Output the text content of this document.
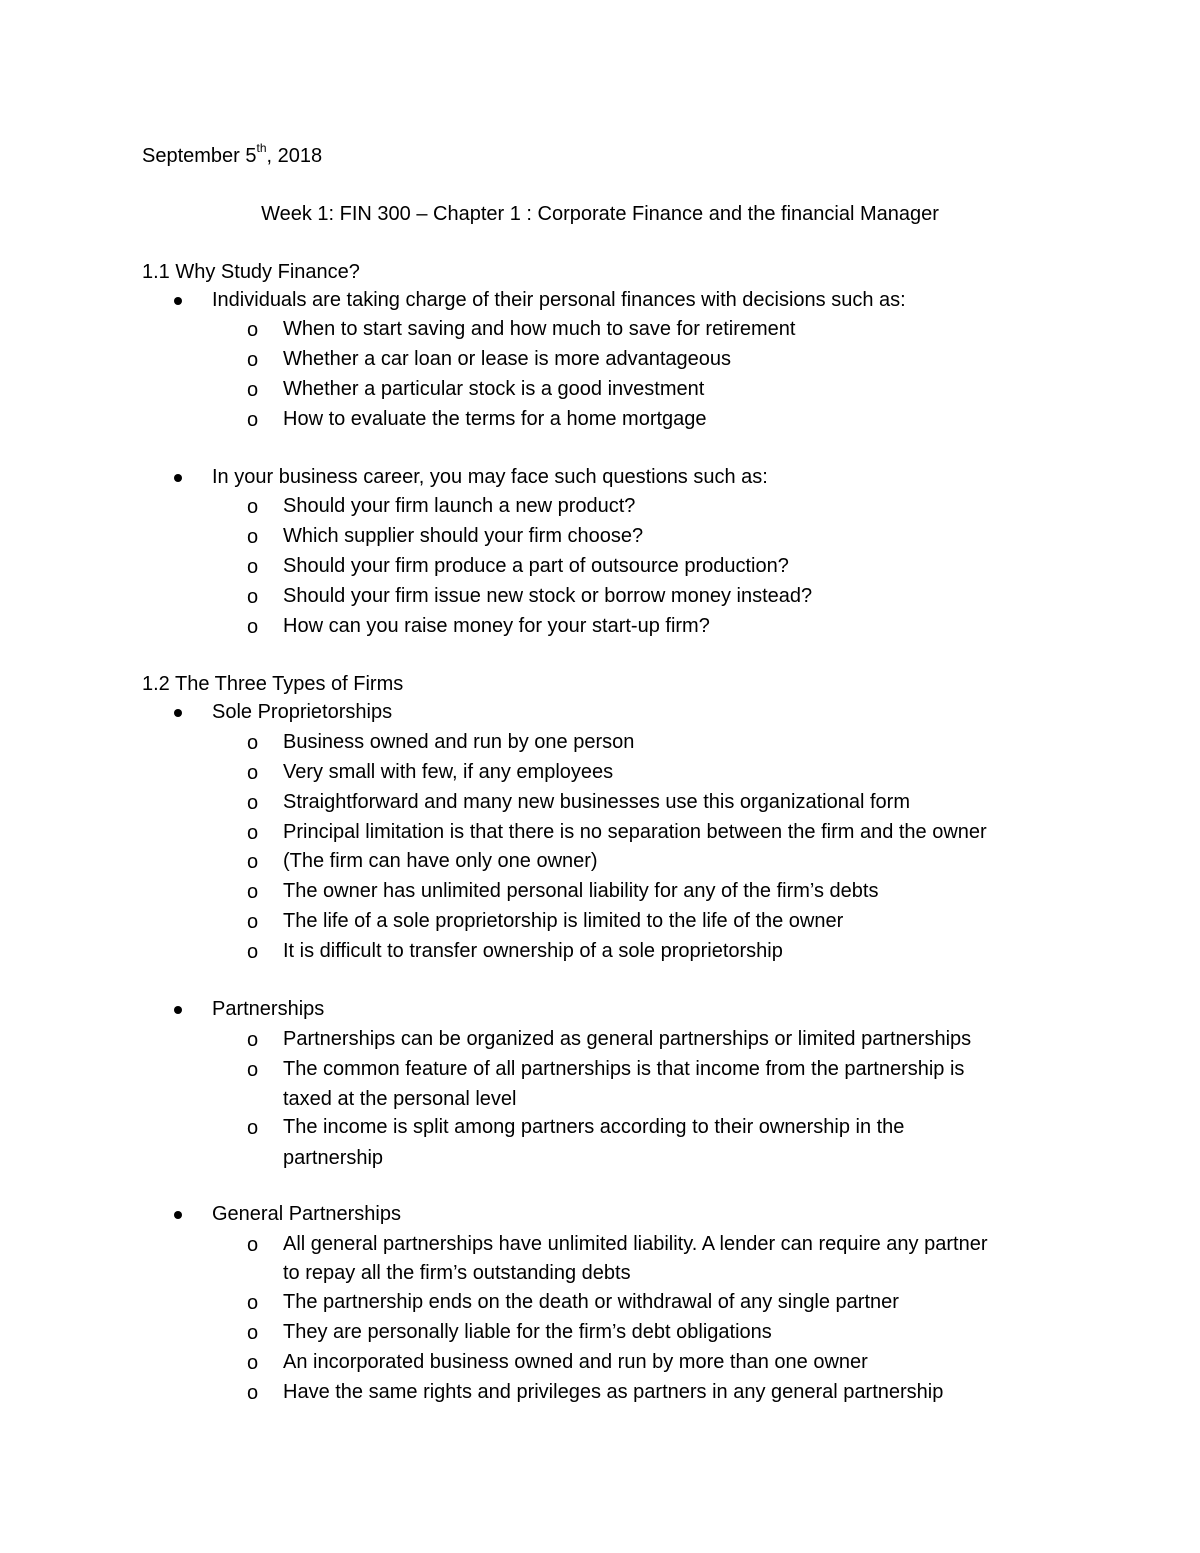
September 5th, 2018
Week 1: FIN 300 – Chapter 1 : Corporate Finance and the financial Manager
1.1 Why Study Finance?
Individuals are taking charge of their personal finances with decisions such as:
o When to start saving and how much to save for retirement
o Whether a car loan or lease is more advantageous
o Whether a particular stock is a good investment
o How to evaluate the terms for a home mortgage
In your business career, you may face such questions such as:
o Should your firm launch a new product?
o Which supplier should your firm choose?
o Should your firm produce a part of outsource production?
o Should your firm issue new stock or borrow money instead?
o How can you raise money for your start-up firm?
1.2 The Three Types of Firms
Sole Proprietorships
o Business owned and run by one person
o Very small with few, if any employees
o Straightforward and many new businesses use this organizational form
o Principal limitation is that there is no separation between the firm and the owner
o (The firm can have only one owner)
o The owner has unlimited personal liability for any of the firm’s debts
o The life of a sole proprietorship is limited to the life of the owner
o It is difficult to transfer ownership of a sole proprietorship
Partnerships
o Partnerships can be organized as general partnerships or limited partnerships
o The common feature of all partnerships is that income from the partnership is
taxed at the personal level
o The income is split among partners according to their ownership in the
partnership
General Partnerships
o All general partnerships have unlimited liability. A lender can require any partner
to repay all the firm’s outstanding debts
o The partnership ends on the death or withdrawal of any single partner
o They are personally liable for the firm’s debt obligations
o An incorporated business owned and run by more than one owner
o Have the same rights and privileges as partners in any general partnership
